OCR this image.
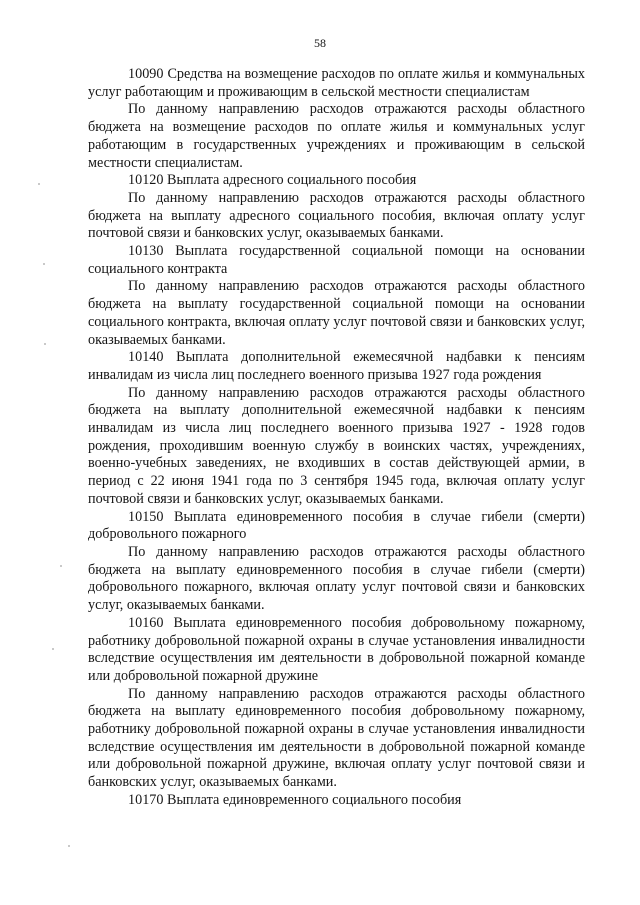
58

10090 Средства на возмещение расходов по оплате жилья и коммунальных услуг работающим и проживающим в сельской местности специалистам

По данному направлению расходов отражаются расходы областного бюджета на возмещение расходов по оплате жилья и коммунальных услуг работающим в государственных учреждениях и проживающим в сельской местности специалистам.

10120 Выплата адресного социального пособия

По данному направлению расходов отражаются расходы областного бюджета на выплату адресного социального пособия, включая оплату услуг почтовой связи и банковских услуг, оказываемых банками.

10130 Выплата государственной социальной помощи на основании социального контракта

По данному направлению расходов отражаются расходы областного бюджета на выплату государственной социальной помощи на основании социального контракта, включая оплату услуг почтовой связи и банковских услуг, оказываемых банками.

10140 Выплата дополнительной ежемесячной надбавки к пенсиям инвалидам из числа лиц последнего военного призыва 1927 года рождения

По данному направлению расходов отражаются расходы областного бюджета на выплату дополнительной ежемесячной надбавки к пенсиям инвалидам из числа лиц последнего военного призыва 1927 - 1928 годов рождения, проходившим военную службу в воинских частях, учреждениях, военно-учебных заведениях, не входивших в состав действующей армии, в период с 22 июня 1941 года по 3 сентября 1945 года, включая оплату услуг почтовой связи и банковских услуг, оказываемых банками.

10150 Выплата единовременного пособия в случае гибели (смерти) добровольного пожарного

По данному направлению расходов отражаются расходы областного бюджета на выплату единовременного пособия в случае гибели (смерти) добровольного пожарного, включая оплату услуг почтовой связи и банковских услуг, оказываемых банками.

10160 Выплата единовременного пособия добровольному пожарному, работнику добровольной пожарной охраны в случае установления инвалидности вследствие осуществления им деятельности в добровольной пожарной команде или добровольной пожарной дружине

По данному направлению расходов отражаются расходы областного бюджета на выплату единовременного пособия добровольному пожарному, работнику добровольной пожарной охраны в случае установления инвалидности вследствие осуществления им деятельности в добровольной пожарной команде или добровольной пожарной дружине, включая оплату услуг почтовой связи и банковских услуг, оказываемых банками.

10170 Выплата единовременного социального пособия
